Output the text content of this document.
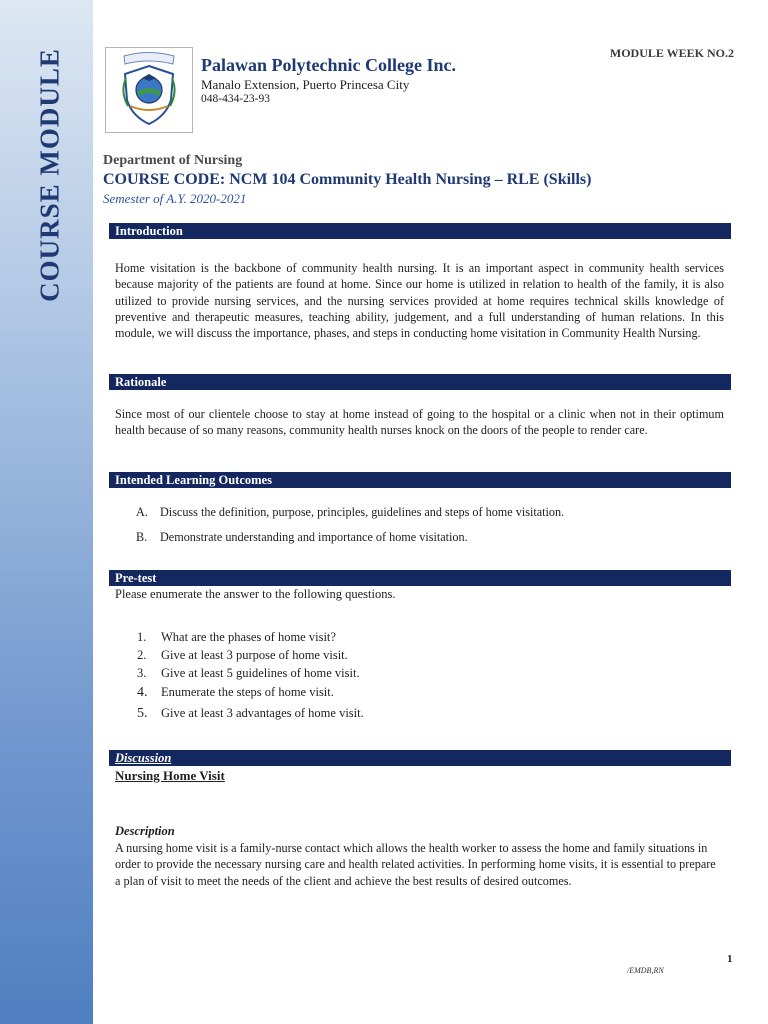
COURSE MODULE	Palawan Polytechnic College Inc.
Manalo Extension, Puerto Princesa City
048-434-23-93
MODULE WEEK NO.2
Department of Nursing
COURSE CODE: NCM 104 Community Health Nursing – RLE (Skills)
Semester of A.Y. 2020-2021
Introduction

Home visitation is the backbone of community health nursing. It is an important aspect in community health services because majority of the patients are found at home. Since our home is utilized in relation to health of the family, it is also utilized to provide nursing services, and the nursing services provided at home requires technical skills knowledge of preventive and therapeutic measures, teaching ability, judgement, and a full understanding of human relations. In this module, we will discuss the importance, phases, and steps in conducting home visitation in Community Health Nursing.

Rationale

Since most of our clientele choose to stay at home instead of going to the hospital or a clinic when not in their optimum health because of so many reasons, community health nurses knock on the doors of the people to render care.

Intended Learning Outcomes
A. Discuss the definition, purpose, principles, guidelines and steps of home visitation.
B. Demonstrate understanding and importance of home visitation.
Pre-test
Please enumerate the answer to the following questions.
1. What are the phases of home visit?
2. Give at least 3 purpose of home visit.
3. Give at least 5 guidelines of home visit.
4. Enumerate the steps of home visit.
5. Give at least 3 advantages of home visit.
Discussion
Nursing Home Visit
Description

A nursing home visit is a family-nurse contact which allows the health worker to assess the home and family situations in order to provide the necessary nursing care and health related activities. In performing home visits, it is essential to prepare a plan of visit to meet the needs of the client and achieve the best results of desired outcomes.

1
/EMDB,RN
